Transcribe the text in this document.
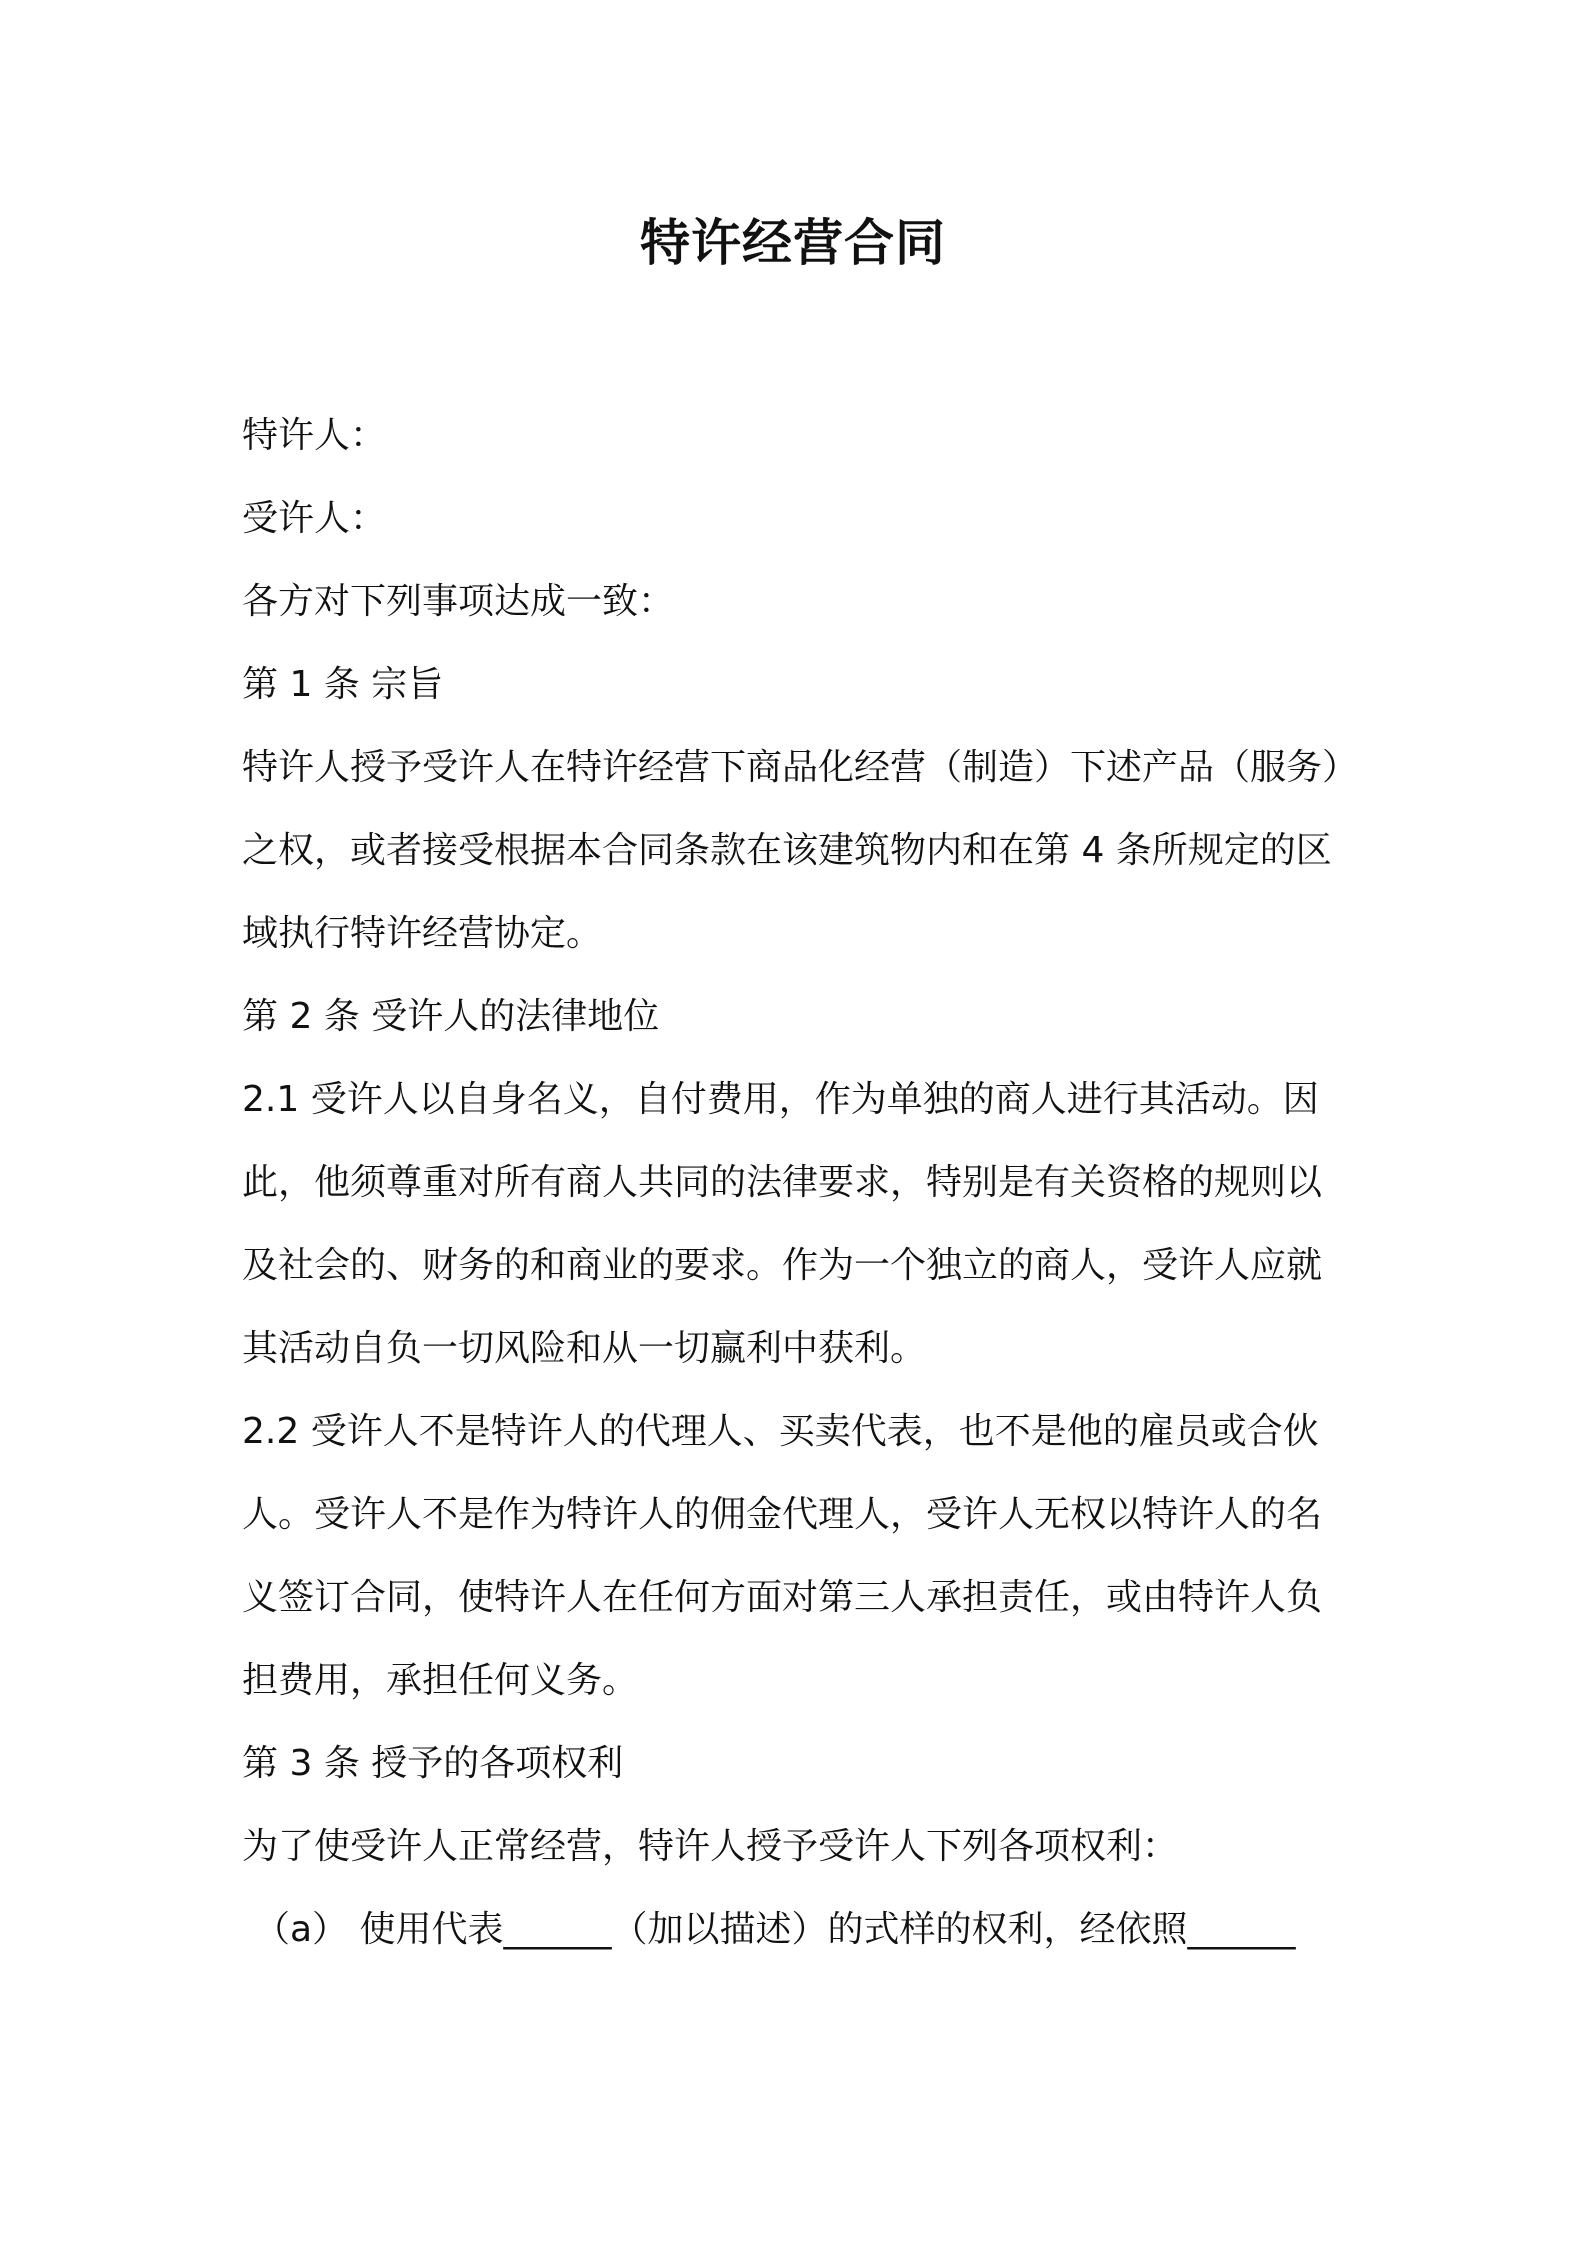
特许经营合同
特许人：
受许人：
各方对下列事项达成一致：
第 1 条 宗旨
特许人授予受许人在特许经营下商品化经营（制造）下述产品（服务）
之权，或者接受根据本合同条款在该建筑物内和在第 4 条所规定的区
域执行特许经营协定。
第 2 条 受许人的法律地位
2.1 受许人以自身名义，自付费用，作为单独的商人进行其活动。因
此，他须尊重对所有商人共同的法律要求，特别是有关资格的规则以
及社会的、财务的和商业的要求。作为一个独立的商人，受许人应就
其活动自负一切风险和从一切赢利中获利。
2.2 受许人不是特许人的代理人、买卖代表，也不是他的雇员或合伙
人。受许人不是作为特许人的佣金代理人，受许人无权以特许人的名
义签订合同，使特许人在任何方面对第三人承担责任，或由特许人负
担费用，承担任何义务。
第 3 条 授予的各项权利
为了使受许人正常经营，特许人授予受许人下列各项权利：
（a） 使用代表______（加以描述）的式样的权利，经依照______
